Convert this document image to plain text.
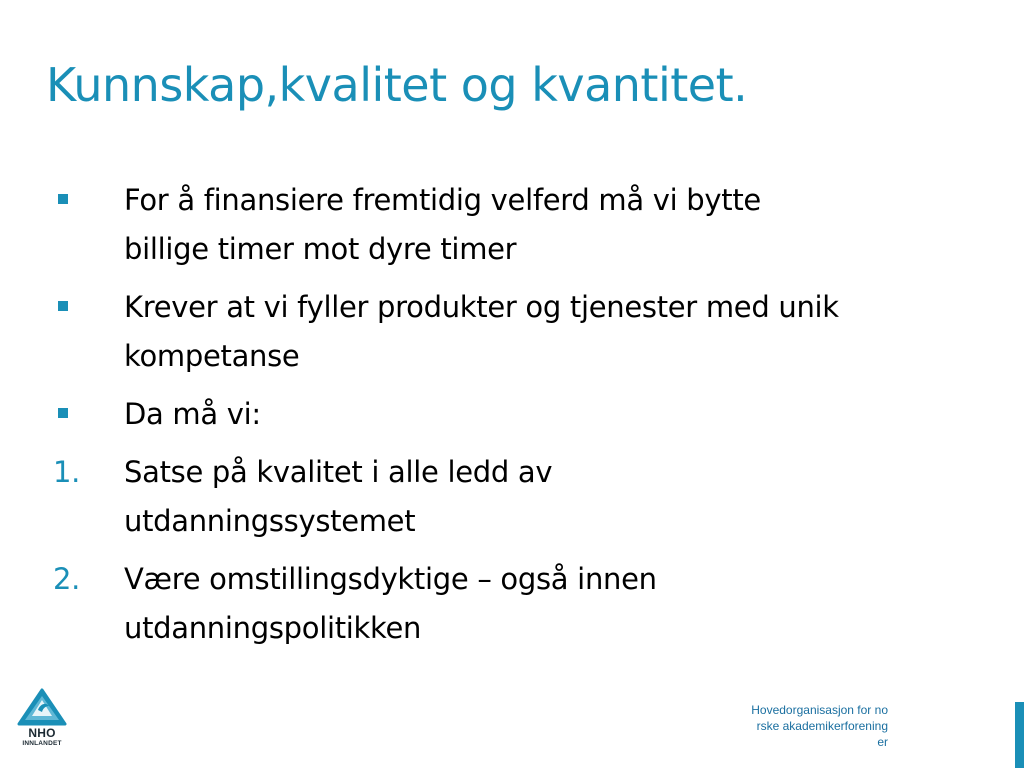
Kunnskap,kvalitet og kvantitet.
For å finansiere fremtidig velferd må vi bytte billige timer mot dyre timer
Krever at vi fyller produkter og tjenester med unik kompetanse
Da må vi:
1. Satse på kvalitet i alle ledd av utdanningssystemet
2. Være omstillingsdyktige – også innen utdanningspolitikken
NHO
INNLANDET
Hovedorganisasjon for norske akademikerforening er
